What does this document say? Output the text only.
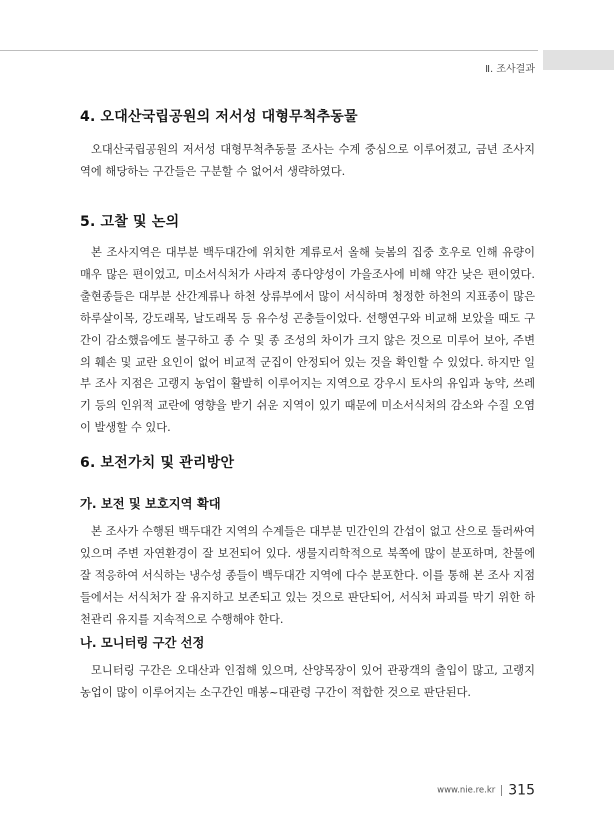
Ⅱ. 조사결과
4. 오대산국립공원의 저서성 대형무척추동물

오대산국립공원의 저서성 대형무척추동물 조사는 수계 중심으로 이루어졌고, 금년 조사지역에 해당하는 구간들은 구분할 수 없어서 생략하였다.

5. 고찰 및 논의

본 조사지역은 대부분 백두대간에 위치한 계류로서 올해 늦봄의 집중 호우로 인해 유량이 매우 많은 편이었고, 미소서식처가 사라져 종다양성이 가을조사에 비해 약간 낮은 편이였다. 출현종들은 대부분 산간계류나 하천 상류부에서 많이 서식하며 청정한 하천의 지표종이 많은 하루살이목, 강도래목, 날도래목 등 유수성 곤충들이었다. 선행연구와 비교해 보았을 때도 구간이 감소했음에도 불구하고 종 수 및 종 조성의 차이가 크지 않은 것으로 미루어 보아, 주변의 훼손 및 교란 요인이 없어 비교적 군집이 안정되어 있는 것을 확인할 수 있었다. 하지만 일부 조사 지점은 고랭지 농업이 활발히 이루어지는 지역으로 강우시 토사의 유입과 농약, 쓰레기 등의 인위적 교란에 영향을 받기 쉬운 지역이 있기 때문에 미소서식처의 감소와 수질 오염이 발생할 수 있다.

6. 보전가치 및 관리방안
가. 보전 및 보호지역 확대

본 조사가 수행된 백두대간 지역의 수계들은 대부분 민간인의 간섭이 없고 산으로 둘러싸여 있으며 주변 자연환경이 잘 보전되어 있다. 생물지리학적으로 북쪽에 많이 분포하며, 찬물에 잘 적응하여 서식하는 냉수성 종들이 백두대간 지역에 다수 분포한다. 이를 통해 본 조사 지점들에서는 서식처가 잘 유지하고 보존되고 있는 것으로 판단되어, 서식처 파괴를 막기 위한 하천관리 유지를 지속적으로 수행해야 한다.

나. 모니터링 구간 선정

모니터링 구간은 오대산과 인접해 있으며, 산양목장이 있어 관광객의 출입이 많고, 고랭지 농업이 많이 이루어지는 소구간인 매봉~대관령 구간이 적합한 것으로 판단된다.

www.nie.re.kr 315
